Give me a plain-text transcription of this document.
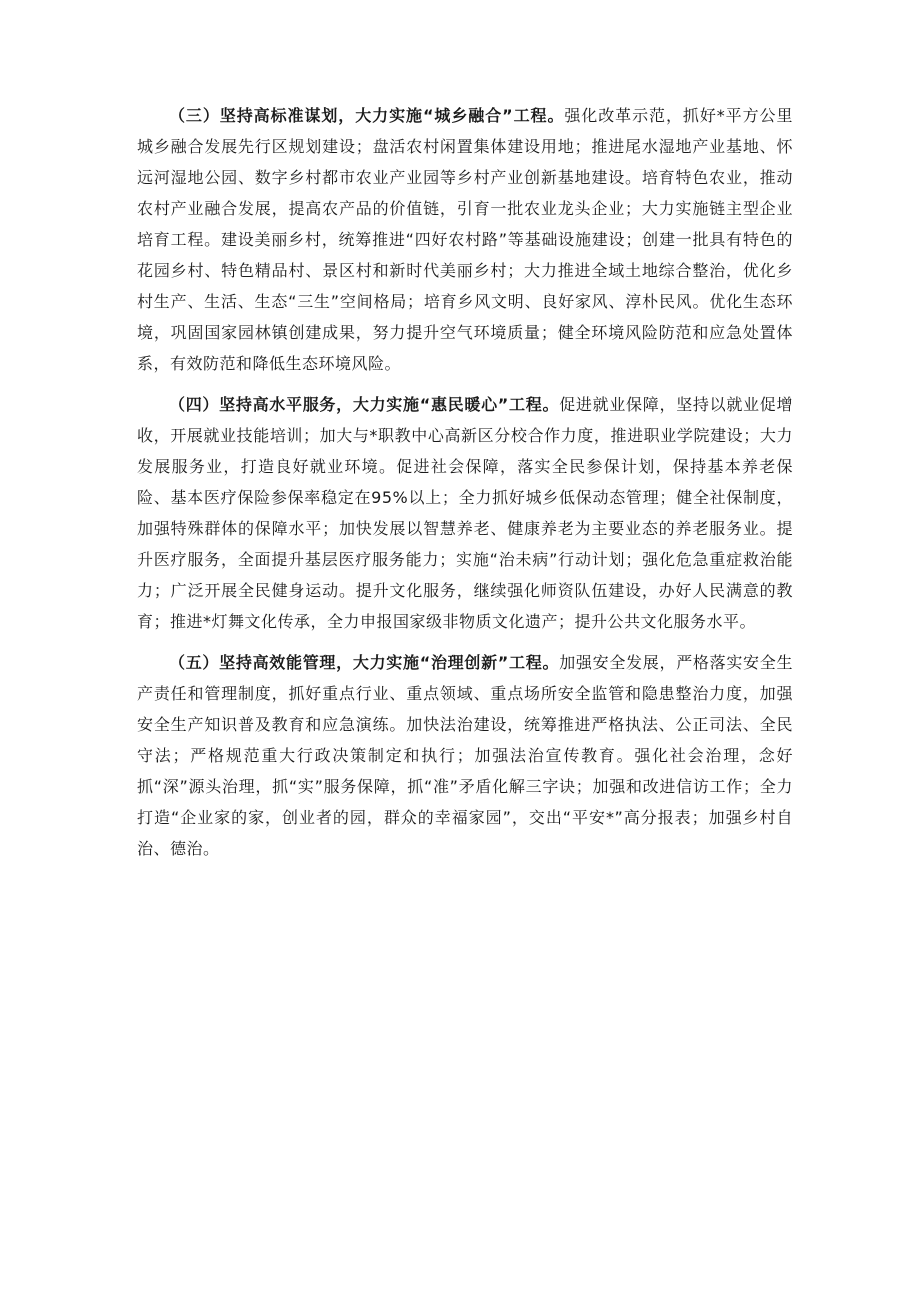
（三）坚持高标准谋划，大力实施“城乡融合”工程。强化改革示范，抓好*平方公里城乡融合发展先行区规划建设；盘活农村闲置集体建设用地；推进尾水湿地产业基地、怀远河湿地公园、数字乡村都市农业产业园等乡村产业创新基地建设。培育特色农业，推动农村产业融合发展，提高农产品的价值链，引育一批农业龙头企业；大力实施链主型企业培育工程。建设美丽乡村，统筹推进“四好农村路”等基础设施建设；创建一批具有特色的花园乡村、特色精品村、景区村和新时代美丽乡村；大力推进全域土地综合整治，优化乡村生产、生活、生态“三生”空间格局；培育乡风文明、良好家风、淳朴民风。优化生态环境，巩固国家园林镇创建成果，努力提升空气环境质量；健全环境风险防范和应急处置体系，有效防范和降低生态环境风险。

（四）坚持高水平服务，大力实施“惠民暖心”工程。促进就业保障，坚持以就业促增收，开展就业技能培训；加大与*职教中心高新区分校合作力度，推进职业学院建设；大力发展服务业，打造良好就业环境。促进社会保障，落实全民参保计划，保持基本养老保险、基本医疗保险参保率稳定在95%以上；全力抓好城乡低保动态管理；健全社保制度，加强特殊群体的保障水平；加快发展以智慧养老、健康养老为主要业态的养老服务业。提升医疗服务，全面提升基层医疗服务能力；实施“治未病”行动计划；强化危急重症救治能力；广泛开展全民健身运动。提升文化服务，继续强化师资队伍建设，办好人民满意的教育；推进*灯舞文化传承，全力申报国家级非物质文化遗产；提升公共文化服务水平。

（五）坚持高效能管理，大力实施“治理创新”工程。加强安全发展，严格落实安全生产责任和管理制度，抓好重点行业、重点领域、重点场所安全监管和隐患整治力度，加强安全生产知识普及教育和应急演练。加快法治建设，统筹推进严格执法、公正司法、全民守法；严格规范重大行政决策制定和执行；加强法治宣传教育。强化社会治理，念好抓“深”源头治理，抓“实”服务保障，抓“准”矛盾化解三字诀；加强和改进信访工作；全力打造“企业家的家，创业者的园，群众的幸福家园”，交出“平安*”高分报表；加强乡村自治、德治。
